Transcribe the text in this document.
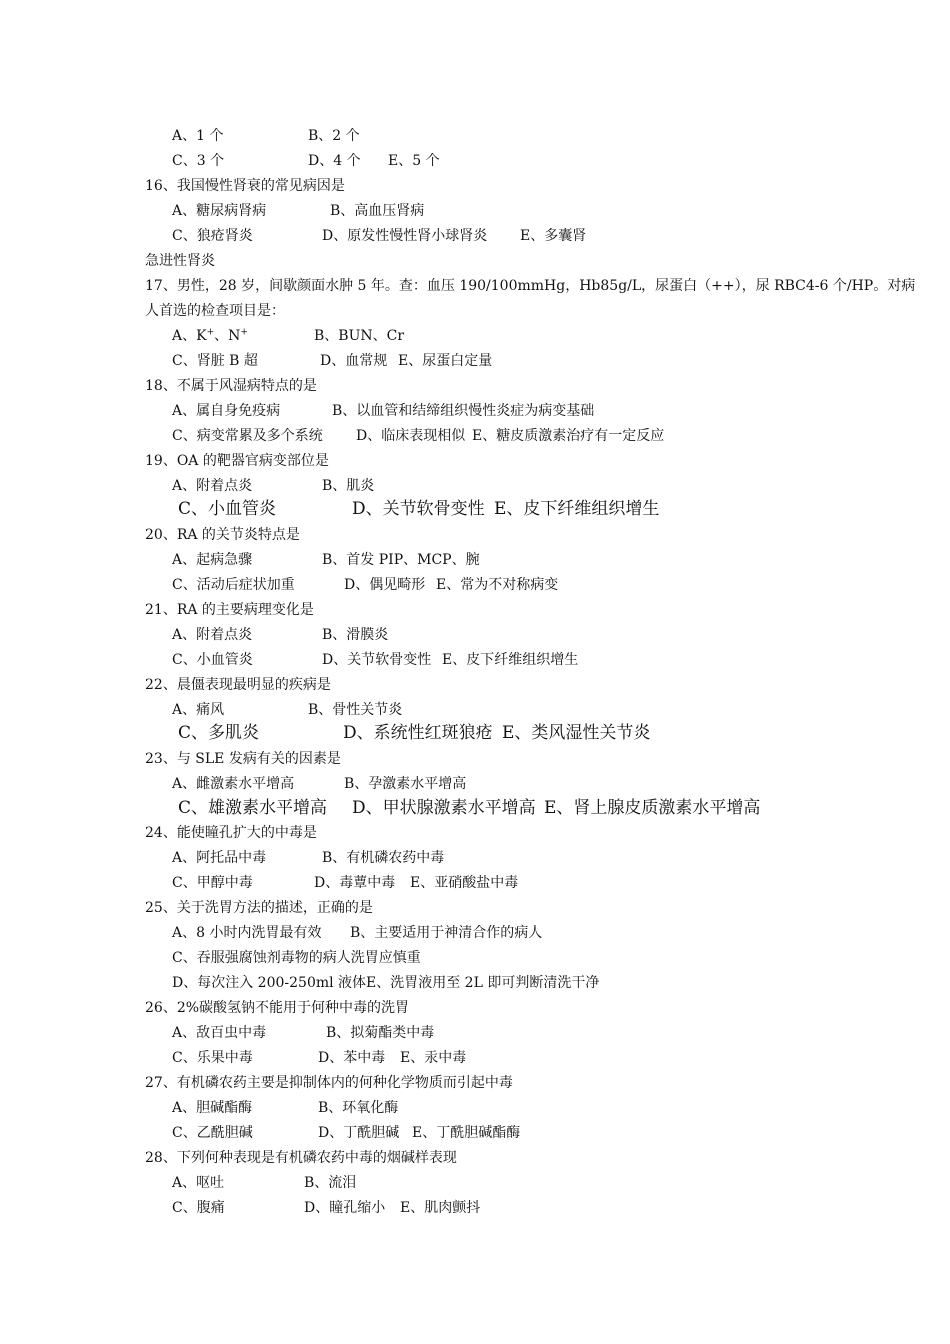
A、1 个	B、2 个
C、3 个	D、4 个 E、5 个
16、我国慢性肾衰的常见病因是
A、糖尿病肾病	B、高血压肾病
C、狼疮肾炎	D、原发性慢性肾小球肾炎 E、多囊肾
急进性肾炎
17、男性，28 岁，间歇颜面水肿 5 年。查：血压 190/100mmHg，Hb85g/L，尿蛋白（++），尿 RBC4-6 个/HP。对病
人首选的检查项目是：
A、K+、N+	B、BUN、Cr
C、肾脏 B 超	D、血常规 E、尿蛋白定量
18、不属于风湿病特点的是
A、属自身免疫病	B、以血管和结缔组织慢性炎症为病变基础
C、病变常累及多个系统 D、临床表现相似 E、糖皮质激素治疗有一定反应
19、OA 的靶器官病变部位是
A、附着点炎	B、肌炎
C、小血管炎	D、关节软骨变性 E、皮下纤维组织增生
20、RA 的关节炎特点是
A、起病急骤	B、首发 PIP、MCP、腕
C、活动后症状加重	D、偶见畸形 E、常为不对称病变
21、RA 的主要病理变化是
A、附着点炎	B、滑膜炎
C、小血管炎	D、关节软骨变性 E、皮下纤维组织增生
22、晨僵表现最明显的疾病是
A、痛风	B、骨性关节炎
C、多肌炎	D、系统性红斑狼疮 E、类风湿性关节炎
23、与 SLE 发病有关的因素是
A、雌激素水平增高	B、孕激素水平增高
C、雄激素水平增高 D、甲状腺激素水平增高 E、肾上腺皮质激素水平增高
24、能使瞳孔扩大的中毒是
A、阿托品中毒	B、有机磷农药中毒
C、甲醇中毒	D、毒蕈中毒 E、亚硝酸盐中毒
25、关于洗胃方法的描述，正确的是
A、8 小时内洗胃最有效 B、主要适用于神清合作的病人
C、吞服强腐蚀剂毒物的病人洗胃应慎重
D、每次注入 200-250ml 液体 E、洗胃液用至 2L 即可判断清洗干净
26、2%碳酸氢钠不能用于何种中毒的洗胃
A、敌百虫中毒	B、拟菊酯类中毒
C、乐果中毒	D、苯中毒 E、汞中毒
27、有机磷农药主要是抑制体内的何种化学物质而引起中毒
A、胆碱酯酶	B、环氧化酶
C、乙酰胆碱	D、丁酰胆碱 E、丁酰胆碱酯酶
28、下列何种表现是有机磷农药中毒的烟碱样表现
A、呕吐	B、流泪
C、腹痛	D、瞳孔缩小 E、肌肉颤抖
